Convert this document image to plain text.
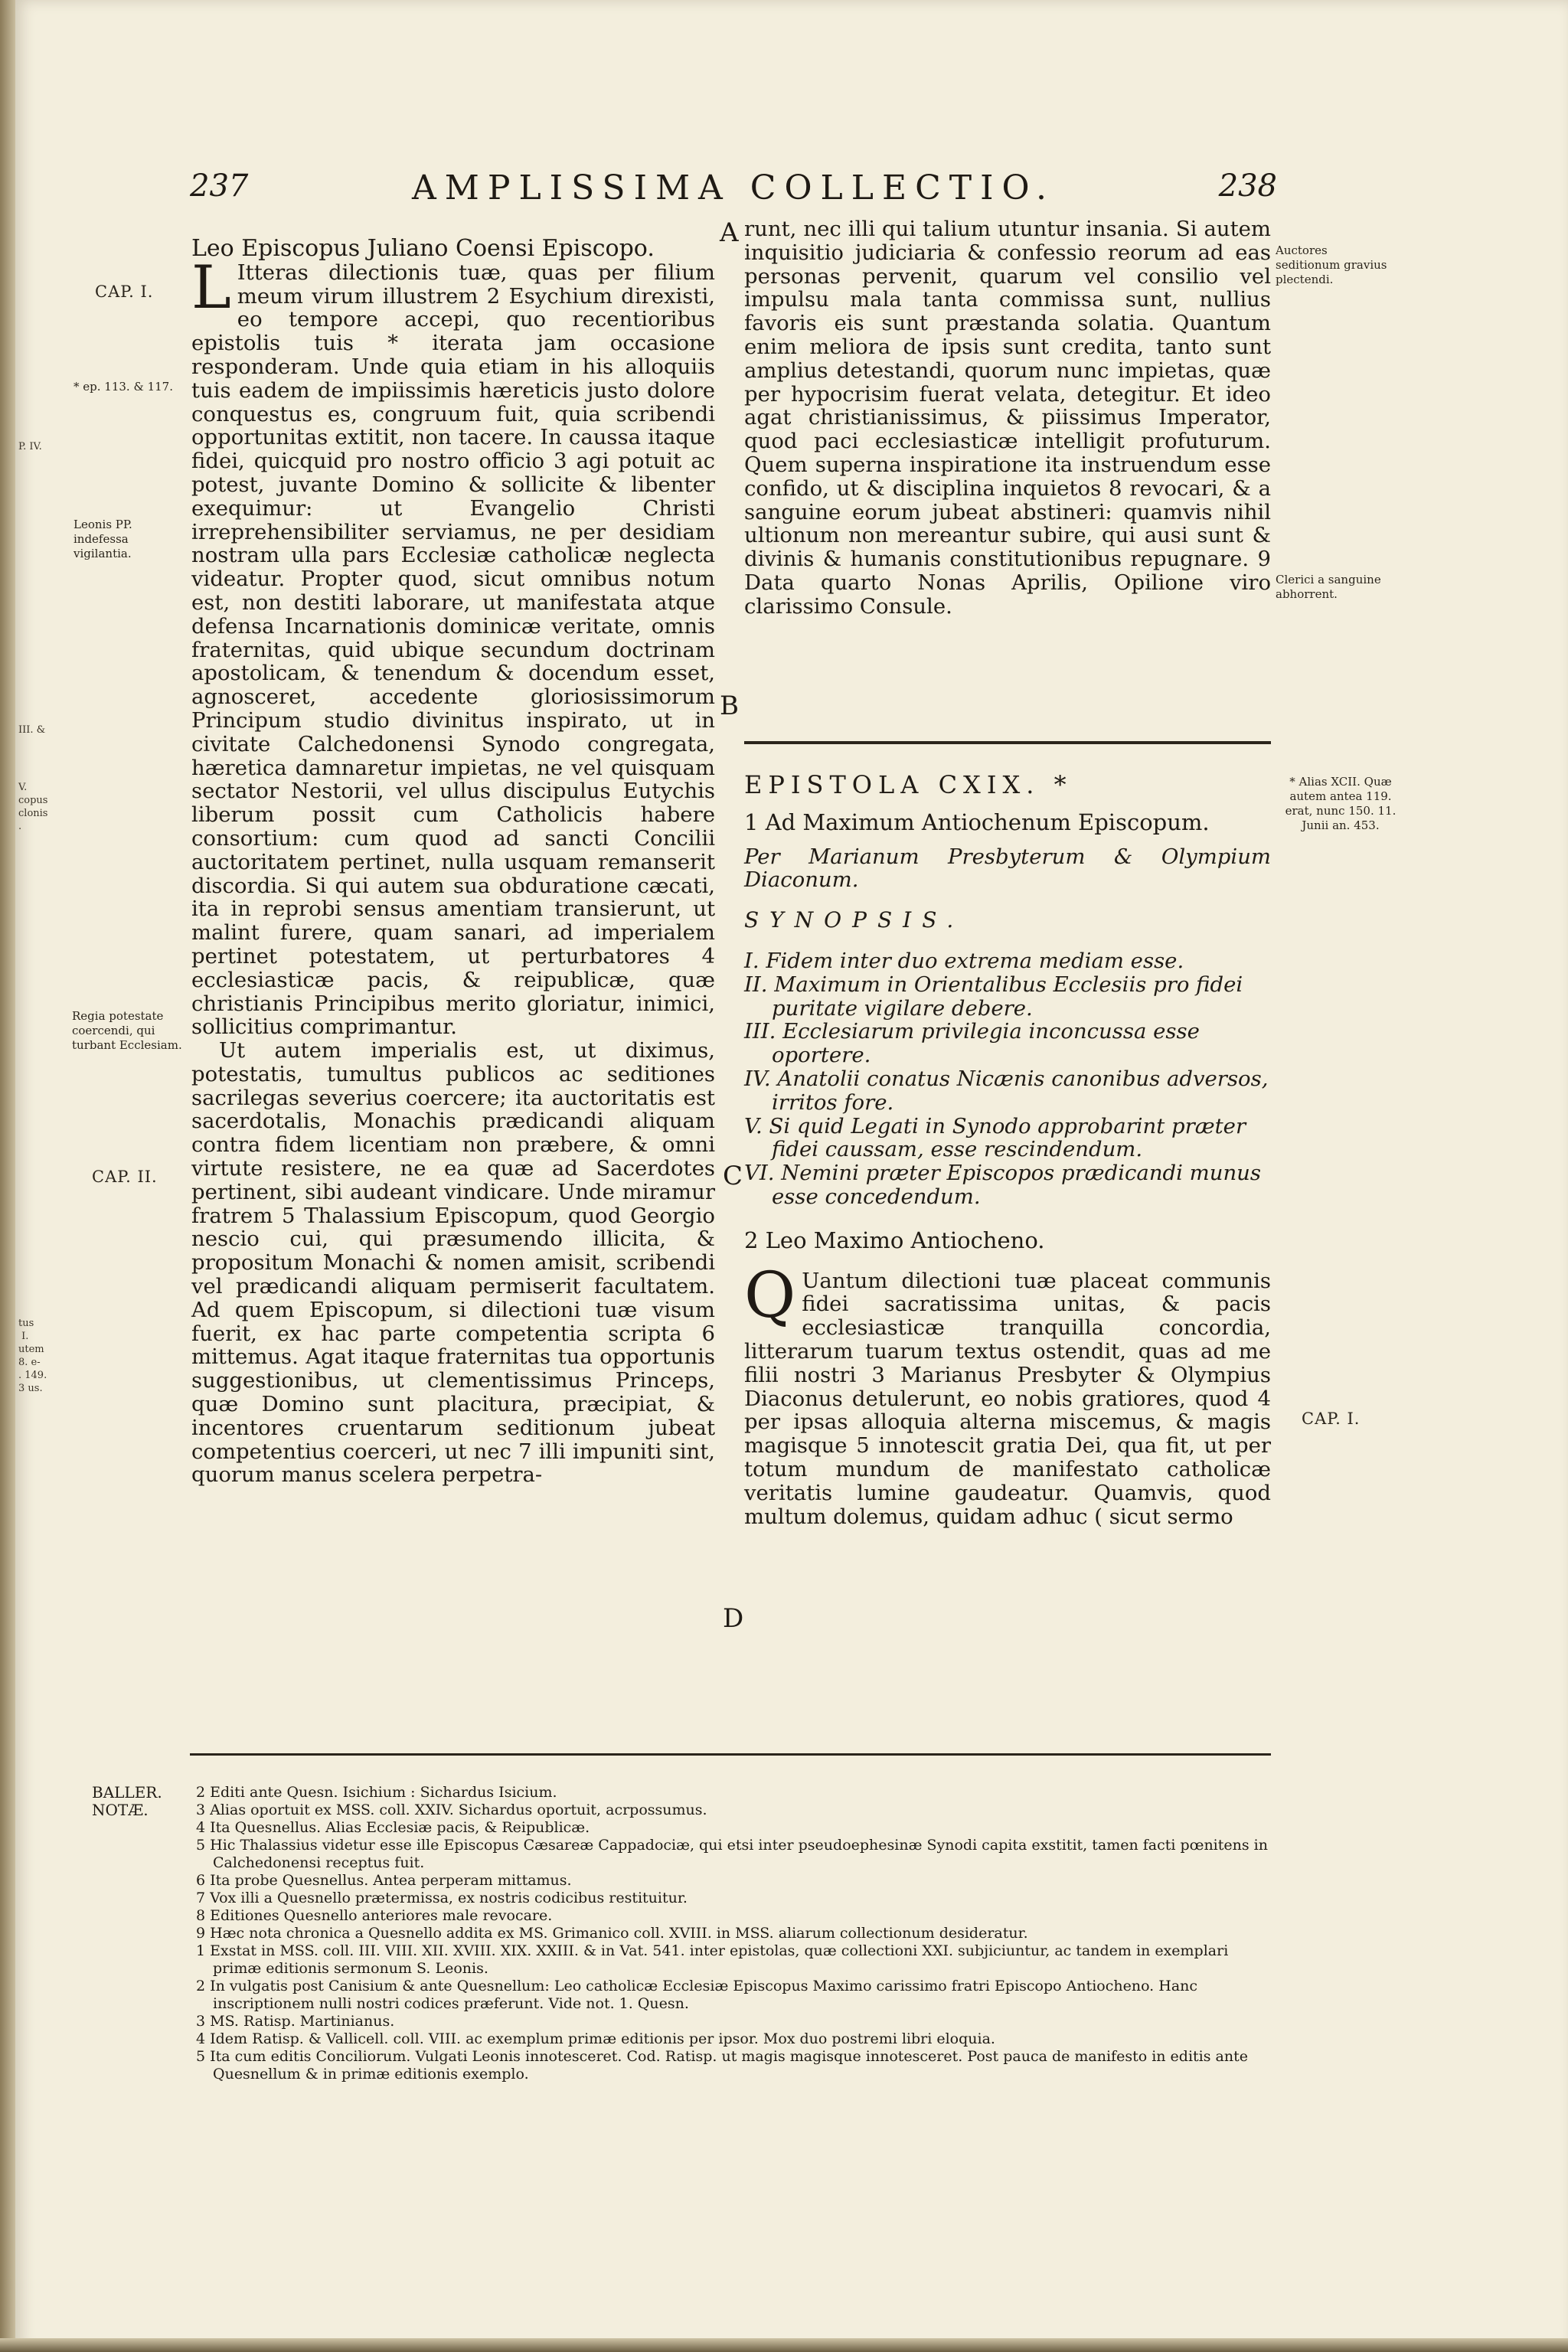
P. IV.
III. &
V.
copus
clonis
.
tus
I.
utem
8. e-
. 149.
3 us.
AMPLISSIMA COLLECTIO.
237	238
CAP. I.
* ep. 113. & 117.
Leonis PP. indefessa vigilantia.
Regia potestate coercendi, qui turbant Ecclesiam.
CAP. II.

Leo Episcopus Juliano Coensi Episcopo.

L Itteras dilectionis tuæ, quas per filium meum virum illustrem 2 Esychium direxisti, eo tempore accepi, quo recentioribus epistolis tuis * iterata jam occasione responderam. Unde quia etiam in his alloquiis tuis eadem de impiissimis hæreticis justo dolore conquestus es, congruum fuit, quia scribendi opportunitas extitit, non tacere. In caussa itaque fidei, quicquid pro nostro officio 3 agi potuit ac potest, juvante Domino & sollicite & libenter exequimur: ut Evangelio Christi irreprehensibiliter serviamus, ne per desidiam nostram ulla pars Ecclesiæ catholicæ neglecta videatur. Propter quod, sicut omnibus notum est, non destiti laborare, ut manifestata atque defensa Incarnationis dominicæ veritate, omnis fraternitas, quid ubique secundum doctrinam apostolicam, & tenendum & docendum esset, agnosceret, accedente gloriosissimorum Principum studio divinitus inspirato, ut in civitate Calchedonensi Synodo congregata, hæretica damnaretur impietas, ne vel quisquam sectator Nestorii, vel ullus discipulus Eutychis liberum possit cum Catholicis habere consortium: cum quod ad sancti Concilii auctoritatem pertinet, nulla usquam remanserit discordia. Si qui autem sua obduratione cæcati, ita in reprobi sensus amentiam transierunt, ut malint furere, quam sanari, ad imperialem pertinet potestatem, ut perturbatores 4 ecclesiasticæ pacis, & reipublicæ, quæ christianis Principibus merito gloriatur, inimici, sollicitius comprimantur.

Ut autem imperialis est, ut diximus, potestatis, tumultus publicos ac seditiones sacrilegas severius coercere; ita auctoritatis est sacerdotalis, Monachis prædicandi aliquam contra fidem licentiam non præbere, & omni virtute resistere, ne ea quæ ad Sacerdotes pertinent, sibi audeant vindicare. Unde miramur fratrem 5 Thalassium Episcopum, quod Georgio nescio cui, qui præsumendo illicita, & propositum Monachi & nomen amisit, scribendi vel prædicandi aliquam permiserit facultatem. Ad quem Episcopum, si dilectioni tuæ visum fuerit, ex hac parte competentia scripta 6 mittemus. Agat itaque fraternitas tua opportunis suggestionibus, ut clementissimus Princeps, quæ Domino sunt placitura, præcipiat, & incentores cruentarum seditionum jubeat competentius coerceri, ut nec 7 illi impuniti sint, quorum manus scelera perpetra-

A
B
C
D

runt, nec illi qui talium utuntur insania. Si autem inquisitio judiciaria & confessio reorum ad eas personas pervenit, quarum vel consilio vel impulsu mala tanta commissa sunt, nullius favoris eis sunt præstanda solatia. Quantum enim meliora de ipsis sunt credita, tanto sunt amplius detestandi, quorum nunc impietas, quæ per hypocrisim fuerat velata, detegitur. Et ideo agat christianissimus, & piissimus Imperator, quod paci ecclesiasticæ intelligit profuturum. Quem superna inspiratione ita instruendum esse confido, ut & disciplina inquietos 8 revocari, & a sanguine eorum jubeat abstineri: quamvis nihil ultionum non mereantur subire, qui ausi sunt & divinis & humanis constitutionibus repugnare. 9 Data quarto Nonas Aprilis, Opilione viro clarissimo Consule.

EPISTOLA CXIX. *

1 Ad Maximum Antiochenum Episcopum.

Per Marianum Presbyterum & Olympium Diaconum.

SYNOPSIS.

I. Fidem inter duo extrema mediam esse.

II. Maximum in Orientalibus Ecclesiis pro fidei puritate vigilare debere.

III. Ecclesiarum privilegia inconcussa esse oportere.

IV. Anatolii conatus Nicænis canonibus adversos, irritos fore.

V. Si quid Legati in Synodo approbarint præter fidei caussam, esse rescindendum.

VI. Nemini præter Episcopos prædicandi munus esse concedendum.

2 Leo Maximo Antiocheno.

Q Uantum dilectioni tuæ placeat communis fidei sacratissima unitas, & pacis ecclesiasticæ tranquilla concordia, litterarum tuarum textus ostendit, quas ad me filii nostri 3 Marianus Presbyter & Olympius Diaconus detulerunt, eo nobis gratiores, quod 4 per ipsas alloquia alterna miscemus, & magis magisque 5 innotescit gratia Dei, qua fit, ut per totum mundum de manifestato catholicæ veritatis lumine gaudeatur. Quamvis, quod multum dolemus, quidam adhuc ( sicut sermo

Auctores seditionum gravius plectendi.
Clerici a sanguine abhorrent.
* Alias XCII. Quæ autem antea 119. erat, nunc 150. 11. Junii an. 453.
CAP. I.
BALLER.
NOTÆ.

2 Editi ante Quesn. Isichium : Sichardus Isicium.

3 Alias oportuit ex MSS. coll. XXIV. Sichardus oportuit, acrpossumus.

4 Ita Quesnellus. Alias Ecclesiæ pacis, & Reipublicæ.

5 Hic Thalassius videtur esse ille Episcopus Cæsareæ Cappadociæ, qui etsi inter pseudoephesinæ Synodi capita exstitit, tamen facti pœnitens in Calchedonensi receptus fuit.

6 Ita probe Quesnellus. Antea perperam mittamus.

7 Vox illi a Quesnello prætermissa, ex nostris codicibus restituitur.

8 Editiones Quesnello anteriores male revocare.

9 Hæc nota chronica a Quesnello addita ex MS. Grimanico coll. XVIII. in MSS. aliarum collectionum desideratur.

1 Exstat in MSS. coll. III. VIII. XII. XVIII. XIX. XXIII. & in Vat. 541. inter epistolas, quæ collectioni XXI. subjiciuntur, ac tandem in exemplari primæ editionis sermonum S. Leonis.

2 In vulgatis post Canisium & ante Quesnellum: Leo catholicæ Ecclesiæ Episcopus Maximo carissimo fratri Episcopo Antiocheno. Hanc inscriptionem nulli nostri codices præferunt. Vide not. 1. Quesn.

3 MS. Ratisp. Martinianus.

4 Idem Ratisp. & Vallicell. coll. VIII. ac exemplum primæ editionis per ipsor. Mox duo postremi libri eloquia.

5 Ita cum editis Conciliorum. Vulgati Leonis innotesceret. Cod. Ratisp. ut magis magisque innotesceret. Post pauca de manifesto in editis ante Quesnellum & in primæ editionis exemplo.
